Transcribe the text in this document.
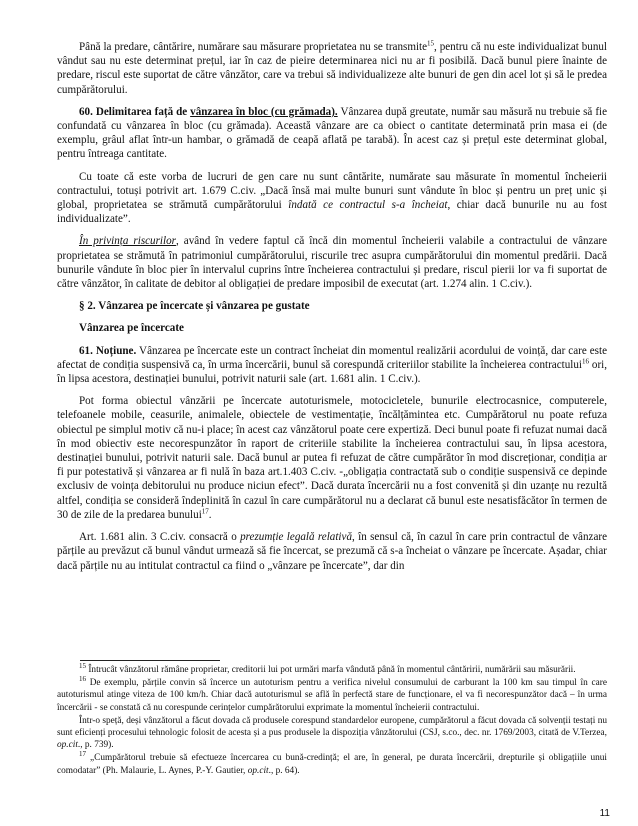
Până la predare, cântărire, numărare sau măsurare proprietatea nu se transmite$^{15}$, pentru că nu este individualizat bunul vândut sau nu este determinat prețul, iar în caz de pieire determinarea nici nu ar fi posibilă. Dacă bunul piere înainte de predare, riscul este suportat de către vânzător, care va trebui să individualizeze alte bunuri de gen din acel lot și să le predea cumpărătorului.

60. Delimitarea față de vânzarea în bloc (cu grămada). Vânzarea după greutate, număr sau măsură nu trebuie să fie confundată cu vânzarea în bloc (cu grămada). Această vânzare are ca obiect o cantitate determinată prin masa ei (de exemplu, grâul aflat într-un hambar, o grămadă de ceapă aflată pe tarabă). În acest caz și prețul este determinat global, pentru întreaga cantitate.

Cu toate că este vorba de lucruri de gen care nu sunt cântărite, numărate sau măsurate în momentul încheierii contractului, totuși potrivit art. 1.679 C.civ. „Dacă însă mai multe bunuri sunt vândute în bloc și pentru un preț unic și global, proprietatea se strămută cumpărătorului îndată ce contractul s-a încheiat, chiar dacă bunurile nu au fost individualizate”.

În privința riscurilor, având în vedere faptul că încă din momentul încheierii valabile a contractului de vânzare proprietatea se strămută în patrimoniul cumpărătorului, riscurile trec asupra cumpărătorului din momentul predării. Dacă bunurile vândute în bloc pier în intervalul cuprins între încheierea contractului și predare, riscul pierii lor va fi suportat de către vânzător, în calitate de debitor al obligației de predare imposibil de executat (art. 1.274 alin. 1 C.civ.).

§ 2. Vânzarea pe încercate și vânzarea pe gustate

Vânzarea pe încercate

61. Noțiune. Vânzarea pe încercate este un contract încheiat din momentul realizării acordului de voință, dar care este afectat de condiția suspensivă ca, în urma încercării, bunul să corespundă criteriilor stabilite la încheierea contractului$^{16}$ ori, în lipsa acestora, destinației bunului, potrivit naturii sale (art. 1.681 alin. 1 C.civ.).

Pot forma obiectul vânzării pe încercate autoturismele, motocicletele, bunurile electrocasnice, computerele, telefoanele mobile, ceasurile, animalele, obiectele de vestimentație, încălțămintea etc. Cumpărătorul nu poate refuza obiectul pe simplul motiv că nu-i place; în acest caz vânzătorul poate cere expertiză. Deci bunul poate fi refuzat numai dacă în mod obiectiv este necorespunzător în raport de criteriile stabilite la încheierea contractului sau, în lipsa acestora, destinației bunului, potrivit naturii sale. Dacă bunul ar putea fi refuzat de către cumpărător în mod discreționar, condiția ar fi pur potestativă și vânzarea ar fi nulă în baza art.1.403 C.civ. -„obligația contractată sub o condiție suspensivă ce depinde exclusiv de voința debitorului nu produce niciun efect”. Dacă durata încercării nu a fost convenită și din uzanțe nu rezultă altfel, condiția se consideră îndeplinită în cazul în care cumpărătorul nu a declarat că bunul este nesatisfăcător în termen de 30 de zile de la predarea bunului$^{17}$.

Art. 1.681 alin. 3 C.civ. consacră o prezumție legală relativă, în sensul că, în cazul în care prin contractul de vânzare părțile au prevăzut că bunul vândut urmează să fie încercat, se prezumă că s-a încheiat o vânzare pe încercate. Așadar, chiar dacă părțile nu au intitulat contractul ca fiind o „vânzare pe încercate”, dar din

$^{15}$ Întrucât vânzătorul rămâne proprietar, creditorii lui pot urmări marfa vândută până în momentul cântăririi, numărării sau măsurării.

$^{16}$ De exemplu, părțile convin să încerce un autoturism pentru a verifica nivelul consumului de carburant la 100 km sau timpul în care autoturismul atinge viteza de 100 km/h. Chiar dacă autoturismul se află în perfectă stare de funcționare, el va fi necorespunzător dacă – în urma încercării - se constată că nu corespunde cerințelor cumpărătorului exprimate la momentul încheierii contractului.

Într-o speță, deși vânzătorul a făcut dovada că produsele corespund standardelor europene, cumpărătorul a făcut dovada că solvenții testați nu sunt eficienți procesului tehnologic folosit de acesta și a pus produsele la dispoziția vânzătorului (CSJ, s.co., dec. nr. 1769/2003, citată de V.Terzea, op.cit., p. 739).

$^{17}$ „Cumpărătorul trebuie să efectueze încercarea cu bună-credință; el are, în general, pe durata încercării, drepturile și obligațiile unui comodatar” (Ph. Malaurie, L. Aynes, P.-Y. Gautier, op.cit., p. 64).

11
